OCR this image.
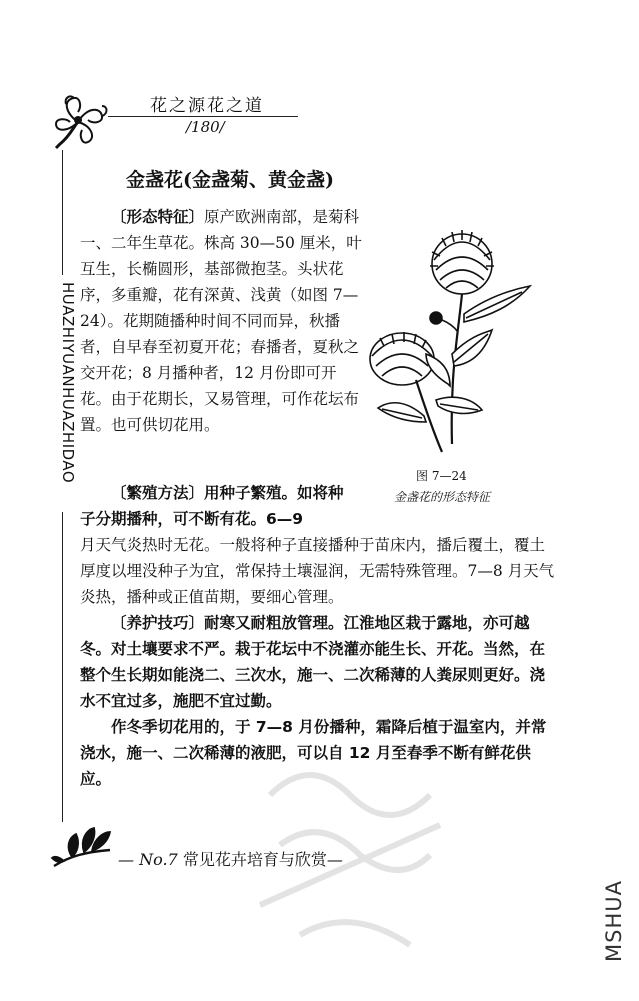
花之源花之道
/180/
HUAZHIYUANHUAZHIDAO
金盏花(金盏菊、黄金盏)
〔形态特征〕原产欧洲南部，是菊科一、二年生草花。株高 30—50 厘米，叶互生，长椭圆形，基部微抱茎。头状花序，多重瓣，花有深黄、浅黄（如图 7—24）。花期随播种时间不同而异，秋播者，自早春至初夏开花；春播者，夏秋之交开花；8 月播种者，12 月份即可开花。由于花期长，又易管理，可作花坛布置。也可供切花用。
〔繁殖方法〕用种子繁殖。如将种子分期播种，可不断有花。6—9
月天气炎热时无花。一般将种子直接播种于苗床内，播后覆土，覆土厚度以埋没种子为宜，常保持土壤湿润，无需特殊管理。7—8 月天气炎热，播种或正值苗期，要细心管理。
〔养护技巧〕耐寒又耐粗放管理。江淮地区栽于露地，亦可越冬。对土壤要求不严。栽于花坛中不浇灌亦能生长、开花。当然，在整个生长期如能浇二、三次水，施一、二次稀薄的人粪尿则更好。浇水不宜过多，施肥不宜过勤。
作冬季切花用的，于 7—8 月份播种，霜降后植于温室内，并常浇水，施一、二次稀薄的液肥，可以自 12 月至春季不断有鲜花供应。
图 7—24
金盏花的形态特征
— No.7 常见花卉培育与欣赏—
MSHUA
